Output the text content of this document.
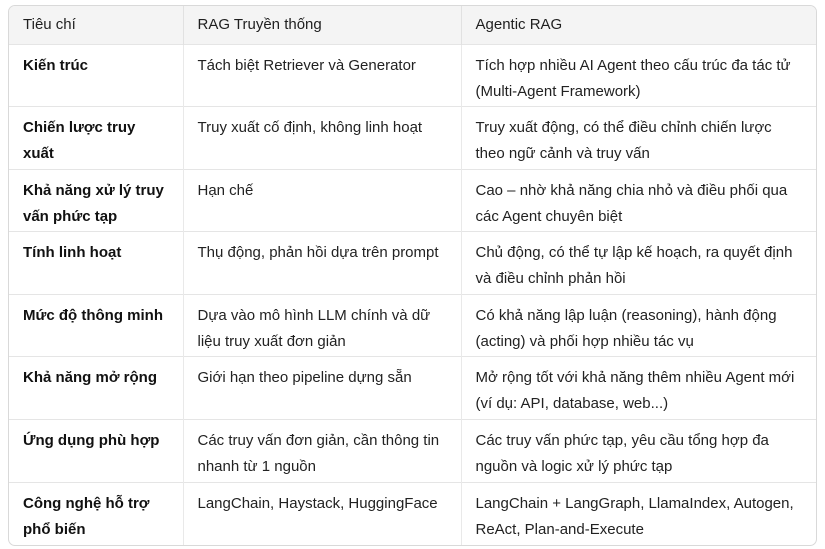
Tiêu chí	RAG Truyền thống	Agentic RAG
Kiến trúc	Tách biệt Retriever và Generator	Tích hợp nhiều AI Agent theo cấu trúc đa tác tử (Multi-Agent Framework)
Chiến lược truy xuất	Truy xuất cố định, không linh hoạt	Truy xuất động, có thể điều chỉnh chiến lược theo ngữ cảnh và truy vấn
Khả năng xử lý truy vấn phức tạp	Hạn chế	Cao – nhờ khả năng chia nhỏ và điều phối qua các Agent chuyên biệt
Tính linh hoạt	Thụ động, phản hồi dựa trên prompt	Chủ động, có thể tự lập kế hoạch, ra quyết định và điều chỉnh phản hồi
Mức độ thông minh	Dựa vào mô hình LLM chính và dữ liệu truy xuất đơn giản	Có khả năng lập luận (reasoning), hành động (acting) và phối hợp nhiều tác vụ
Khả năng mở rộng	Giới hạn theo pipeline dựng sẵn	Mở rộng tốt với khả năng thêm nhiều Agent mới (ví dụ: API, database, web...)
Ứng dụng phù hợp	Các truy vấn đơn giản, cần thông tin nhanh từ 1 nguồn	Các truy vấn phức tạp, yêu cầu tổng hợp đa nguồn và logic xử lý phức tạp
Công nghệ hỗ trợ phổ biến	LangChain, Haystack, HuggingFace	LangChain + LangGraph, LlamaIndex, Autogen, ReAct, Plan-and-Execute
